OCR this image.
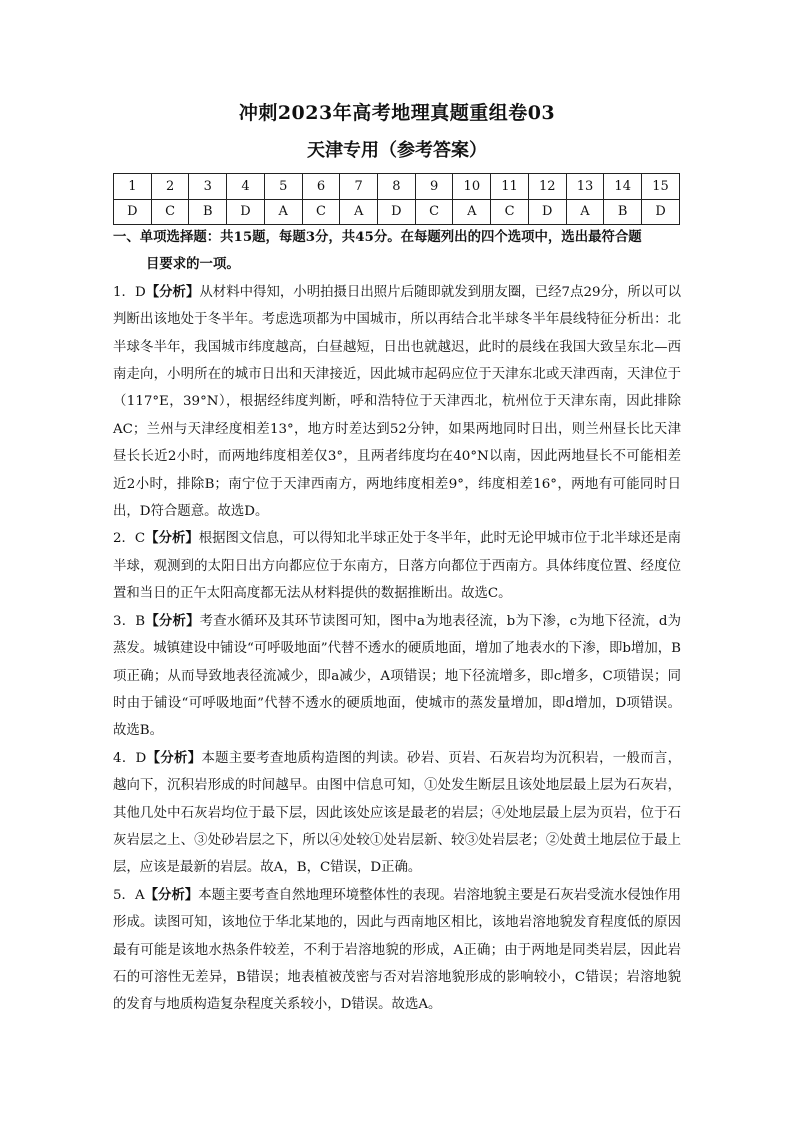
冲刺2023年高考地理真题重组卷03
天津专用（参考答案）
1	2	3	4	5	6	7	8	9	10	11	12	13	14	15
D	C	B	D	A	C	A	D	C	A	C	D	A	B	D

一、单项选择题：共15题，每题3分，共45分。在每题列出的四个选项中，选出最符合题
目要求的一项。

1．D【分析】从材料中得知，小明拍摄日出照片后随即就发到朋友圈，已经7点29分，所以可以判断出该地处于冬半年。考虑选项都为中国城市，所以再结合北半球冬半年晨线特征分析出：北半球冬半年，我国城市纬度越高，白昼越短，日出也就越迟，此时的晨线在我国大致呈东北—西南走向，小明所在的城市日出和天津接近，因此城市起码应位于天津东北或天津西南，天津位于（117°E，39°N），根据经纬度判断，呼和浩特位于天津西北，杭州位于天津东南，因此排除AC；兰州与天津经度相差13°，地方时差达到52分钟，如果两地同时日出，则兰州昼长比天津昼长长近2小时，而两地纬度相差仅3°，且两者纬度均在40°N以南，因此两地昼长不可能相差近2小时，排除B；南宁位于天津西南方，两地纬度相差9°，纬度相差16°，两地有可能同时日出，D符合题意。故选D。

2．C【分析】根据图文信息，可以得知北半球正处于冬半年，此时无论甲城市位于北半球还是南半球，观测到的太阳日出方向都应位于东南方，日落方向都位于西南方。具体纬度位置、经度位置和当日的正午太阳高度都无法从材料提供的数据推断出。故选C。

3．B【分析】考查水循环及其环节读图可知，图中a为地表径流，b为下渗，c为地下径流，d为蒸发。城镇建设中铺设“可呼吸地面”代替不透水的硬质地面，增加了地表水的下渗，即b增加，B项正确；从而导致地表径流减少，即a减少，A项错误；地下径流增多，即c增多，C项错误；同时由于铺设“可呼吸地面”代替不透水的硬质地面，使城市的蒸发量增加，即d增加，D项错误。故选B。

4．D【分析】本题主要考查地质构造图的判读。砂岩、页岩、石灰岩均为沉积岩，一般而言，越向下，沉积岩形成的时间越早。由图中信息可知，①处发生断层且该处地层最上层为石灰岩，其他几处中石灰岩均位于最下层，因此该处应该是最老的岩层；④处地层最上层为页岩，位于石灰岩层之上、③处砂岩层之下，所以④处较①处岩层新、较③处岩层老；②处黄土地层位于最上层，应该是最新的岩层。故A，B，C错误，D正确。

5．A【分析】本题主要考查自然地理环境整体性的表现。岩溶地貌主要是石灰岩受流水侵蚀作用形成。读图可知，该地位于华北某地的，因此与西南地区相比，该地岩溶地貌发育程度低的原因最有可能是该地水热条件较差，不利于岩溶地貌的形成，A正确；由于两地是同类岩层，因此岩石的可溶性无差异，B错误；地表植被茂密与否对岩溶地貌形成的影响较小，C错误；岩溶地貌的发育与地质构造复杂程度关系较小，D错误。故选A。
